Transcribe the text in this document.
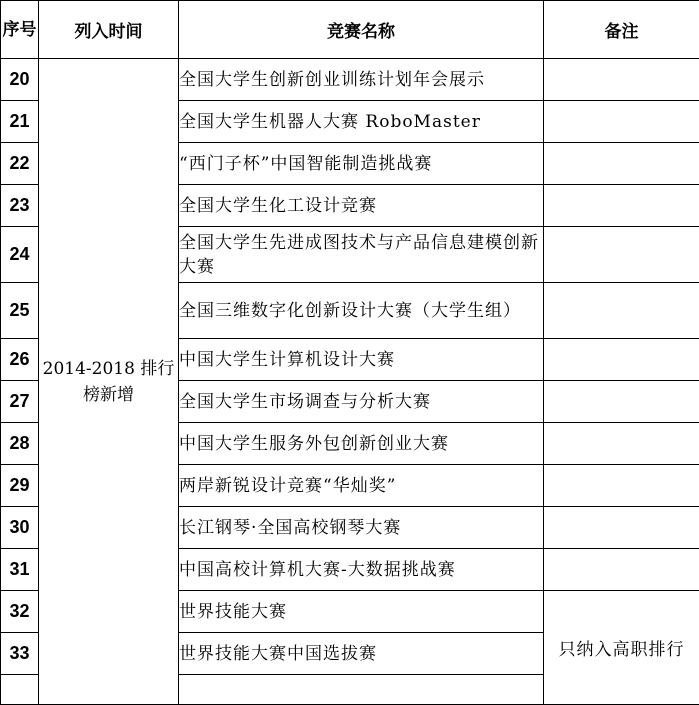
序号	列入时间	竞赛名称	备注
20	2014-2018 排行榜新增	全国大学生创新创业训练计划年会展示	
21		全国大学生机器人大赛 RoboMaster	
22		“西门子杯”中国智能制造挑战赛	
23		全国大学生化工设计竞赛	
24		全国大学生先进成图技术与产品信息建模创新大赛	
25		全国三维数字化创新设计大赛（大学生组）	
26		中国大学生计算机设计大赛	
27		全国大学生市场调查与分析大赛	
28		中国大学生服务外包创新创业大赛	
29		两岸新锐设计竞赛“华灿奖”	
30		长江钢琴·全国高校钢琴大赛	
31		中国高校计算机大赛-大数据挑战赛	
32		世界技能大赛	只纳入高职排行
33		世界技能大赛中国选拔赛	
